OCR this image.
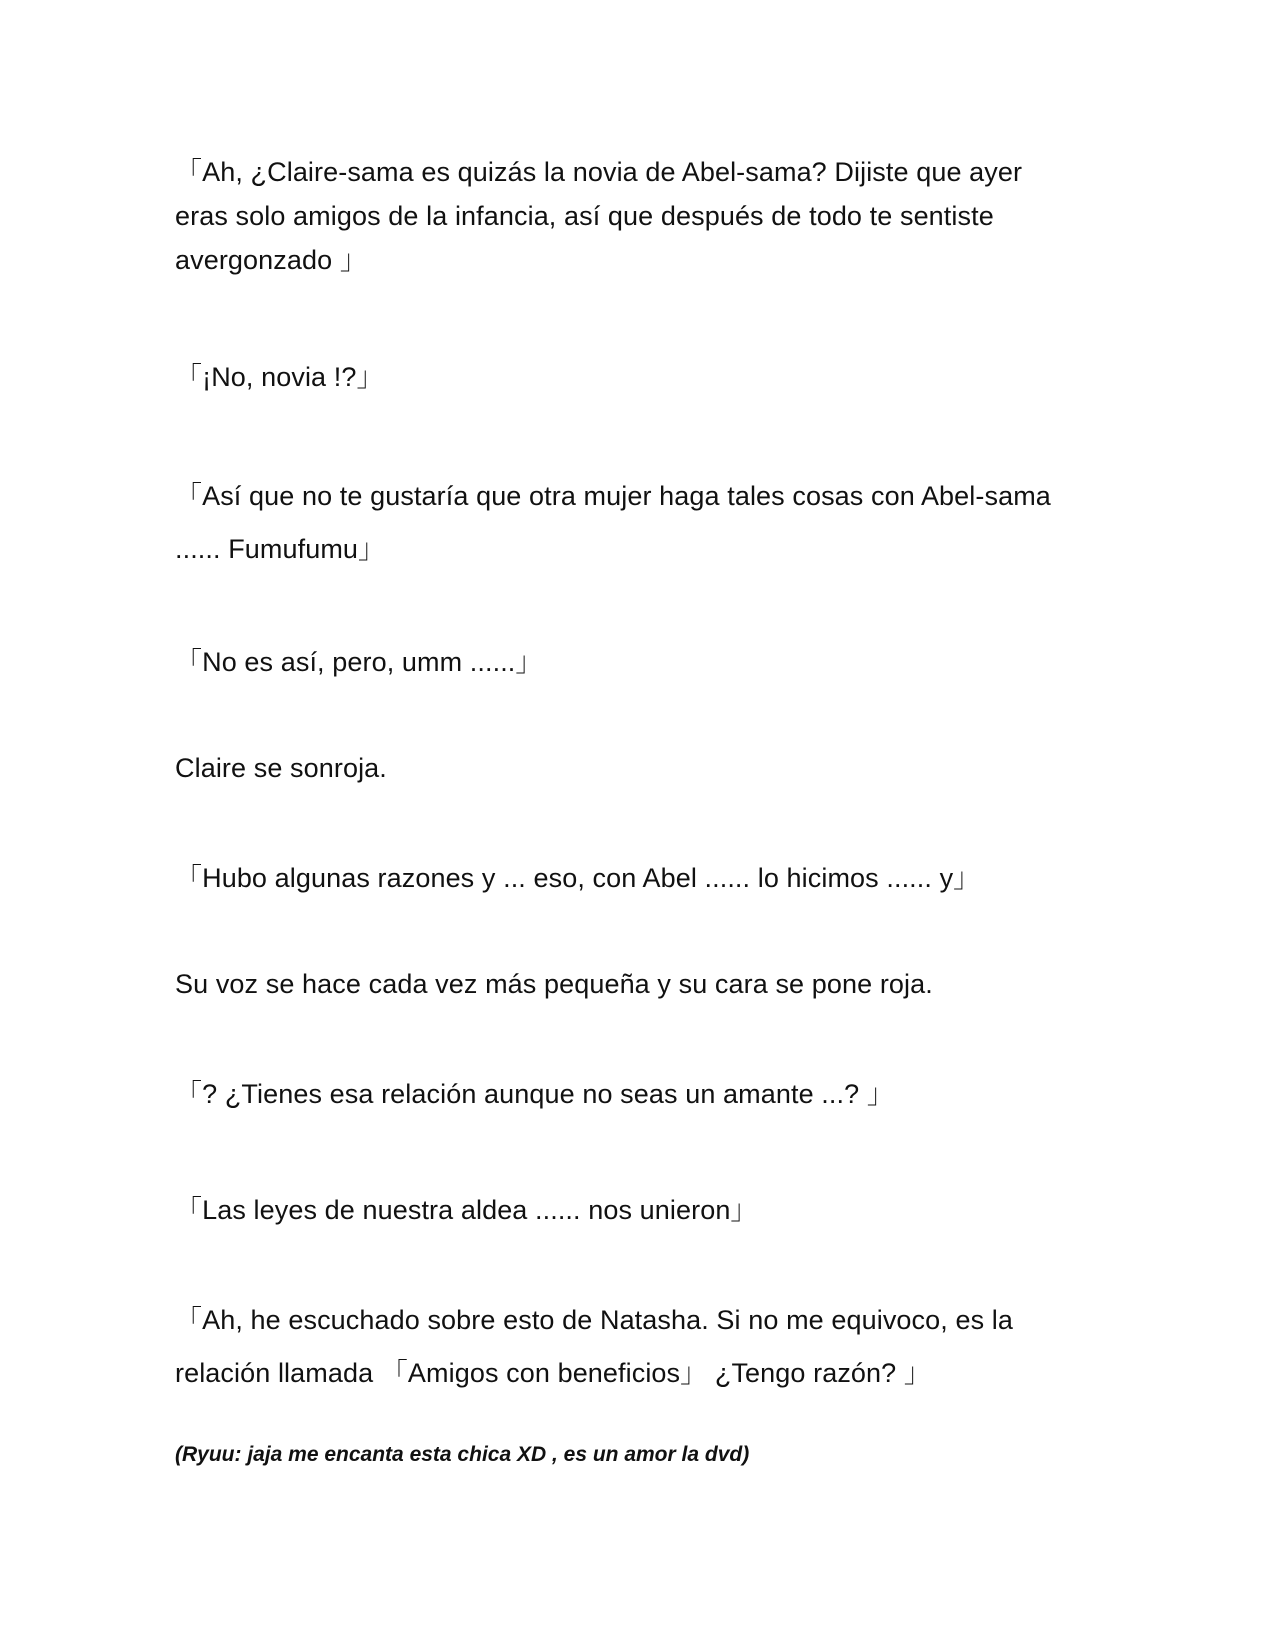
「Ah, ¿Claire-sama es quizás la novia de Abel-sama? Dijiste que ayer eras solo amigos de la infancia, así que después de todo te sentiste avergonzado 」

「¡No, novia !?」

「Así que no te gustaría que otra mujer haga tales cosas con Abel-sama ...... Fumufumu」

「No es así, pero, umm ......」

Claire se sonroja.

「Hubo algunas razones y ... eso, con Abel ...... lo hicimos ...... y」

Su voz se hace cada vez más pequeña y su cara se pone roja.

「? ¿Tienes esa relación aunque no seas un amante ...? 」

「Las leyes de nuestra aldea ...... nos unieron」

「Ah, he escuchado sobre esto de Natasha. Si no me equivoco, es la relación llamada 「Amigos con beneficios」 ¿Tengo razón? 」

(Ryuu: jaja me encanta esta chica XD , es un amor la dvd)
